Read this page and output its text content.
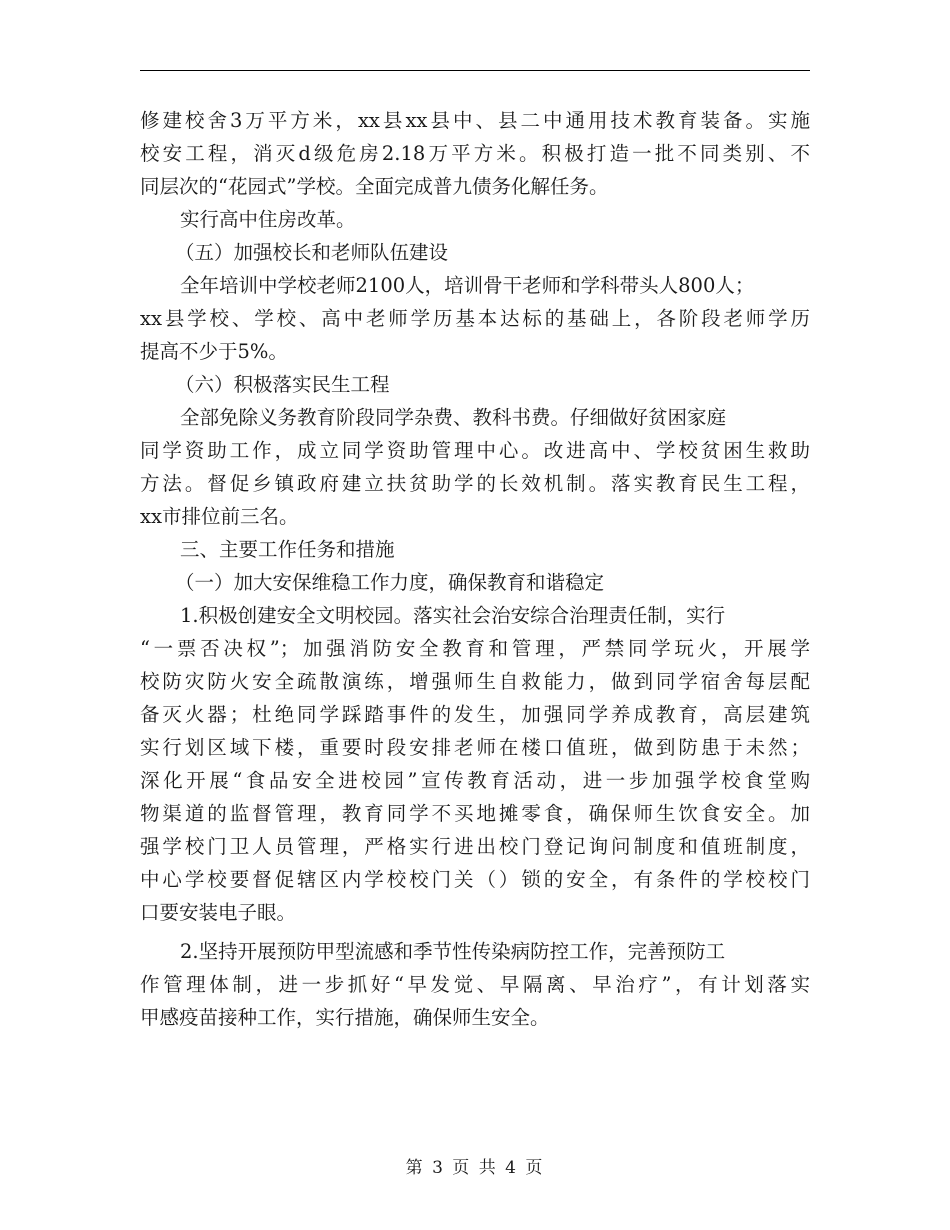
修建校舍3万平方米，xx县xx县中、县二中通用技术教育装备。实施
校安工程，消灭d级危房2.18万平方米。积极打造一批不同类别、不
同层次的“花园式”学校。全面完成普九债务化解任务。
实行高中住房改革。
（五）加强校长和老师队伍建设
全年培训中学校老师2100人，培训骨干老师和学科带头人800人；
xx县学校、学校、高中老师学历基本达标的基础上，各阶段老师学历
提高不少于5%。
（六）积极落实民生工程
全部免除义务教育阶段同学杂费、教科书费。仔细做好贫困家庭
同学资助工作，成立同学资助管理中心。改进高中、学校贫困生救助
方法。督促乡镇政府建立扶贫助学的长效机制。落实教育民生工程，
xx市排位前三名。
三、主要工作任务和措施
（一）加大安保维稳工作力度，确保教育和谐稳定
1.积极创建安全文明校园。落实社会治安综合治理责任制，实行
“一票否决权”；加强消防安全教育和管理，严禁同学玩火，开展学
校防灾防火安全疏散演练，增强师生自救能力，做到同学宿舍每层配
备灭火器；杜绝同学踩踏事件的发生，加强同学养成教育，高层建筑
实行划区域下楼，重要时段安排老师在楼口值班，做到防患于未然；
深化开展“食品安全进校园”宣传教育活动，进一步加强学校食堂购
物渠道的监督管理，教育同学不买地摊零食，确保师生饮食安全。加
强学校门卫人员管理，严格实行进出校门登记询问制度和值班制度，
中心学校要督促辖区内学校校门关（）锁的安全，有条件的学校校门
口要安装电子眼。
2.坚持开展预防甲型流感和季节性传染病防控工作，完善预防工
作管理体制，进一步抓好“早发觉、早隔离、早治疗”，有计划落实
甲感疫苗接种工作，实行措施，确保师生安全。
第 3 页 共 4 页
